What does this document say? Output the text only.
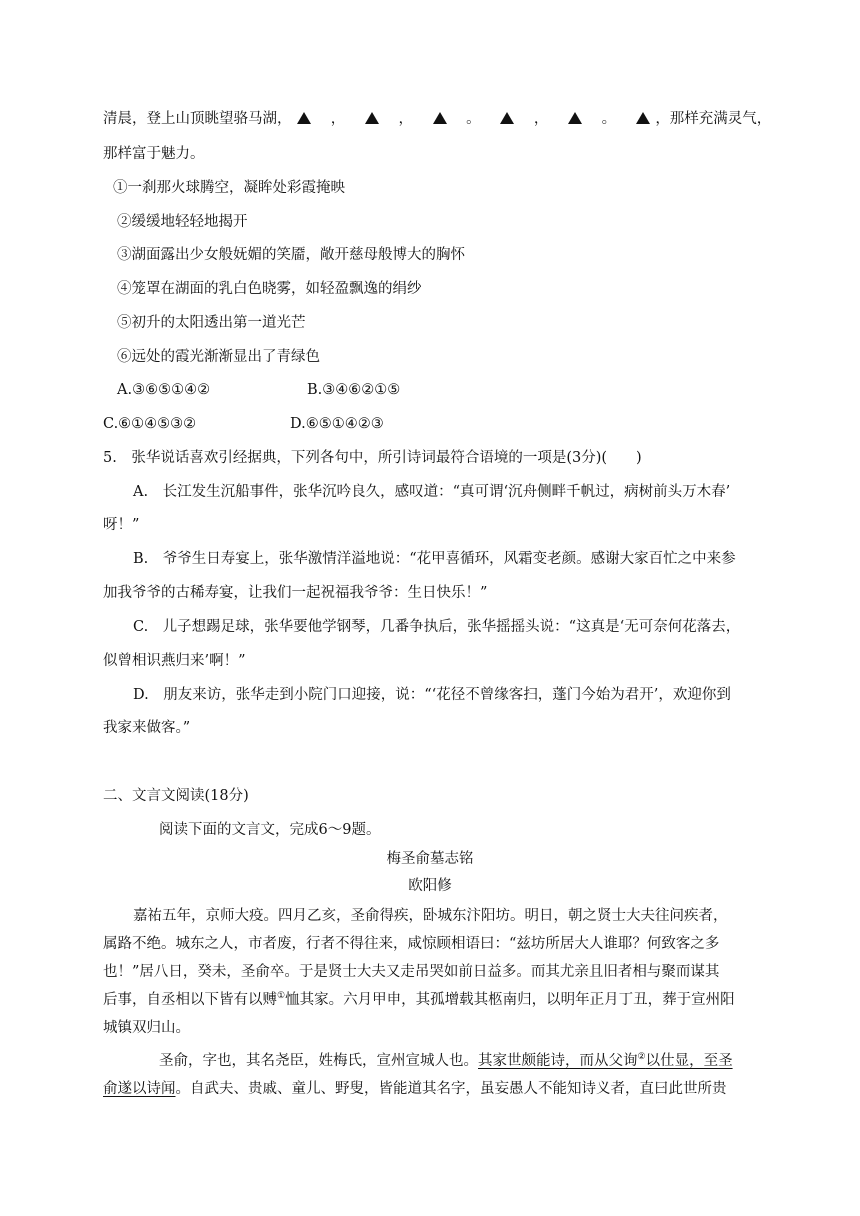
清晨，登上山顶眺望骆马湖，	，	，	。	，	。	，那样充满灵气，
那样富于魅力。
①一刹那火球腾空，凝眸处彩霞掩映
②缓缓地轻轻地揭开
③湖面露出少女般妩媚的笑靥，敞开慈母般博大的胸怀
④笼罩在湖面的乳白色晓雾，如轻盈飘逸的绢纱
⑤初升的太阳透出第一道光芒
⑥远处的霞光渐渐显出了青绿色
A.③⑥⑤①④②	B.③④⑥②①⑤
C.⑥①④⑤③②	D.⑥⑤①④②③
5.　张华说话喜欢引经据典，下列各句中，所引诗词最符合语境的一项是(3分)(　　)
A.　长江发生沉船事件，张华沉吟良久，感叹道：“真可谓‘沉舟侧畔千帆过，病树前头万木春’
呀！”
B.　爷爷生日寿宴上，张华激情洋溢地说：“花甲喜循环，风霜变老颜。感谢大家百忙之中来参
加我爷爷的古稀寿宴，让我们一起祝福我爷爷：生日快乐！”
C.　儿子想踢足球，张华要他学钢琴，几番争执后，张华摇摇头说：“这真是‘无可奈何花落去，
似曾相识燕归来’啊！”
D.　朋友来访，张华走到小院门口迎接，说：“‘花径不曾缘客扫，蓬门今始为君开’，欢迎你到
我家来做客。”
二、文言文阅读(18分)
阅读下面的文言文，完成6～9题。
梅圣俞墓志铭
欧阳修
嘉祐五年，京师大疫。四月乙亥，圣俞得疾，卧城东汴阳坊。明日，朝之贤士大夫往问疾者，
属路不绝。城东之人，市者废，行者不得往来，咸惊顾相语曰：“兹坊所居大人谁耶？何致客之多
也！”居八日，癸未，圣俞卒。于是贤士大夫又走吊哭如前日益多。而其尤亲且旧者相与聚而谋其
后事，自丞相以下皆有以赙①恤其家。六月甲申，其孤增载其柩南归，以明年正月丁丑，葬于宣州阳
城镇双归山。
圣俞，字也，其名尧臣，姓梅氏，宣州宣城人也。其家世颇能诗，而从父询②以仕显，至圣
俞遂以诗闻。自武夫、贵戚、童儿、野叟，皆能道其名字，虽妄愚人不能知诗义者，直曰此世所贵
